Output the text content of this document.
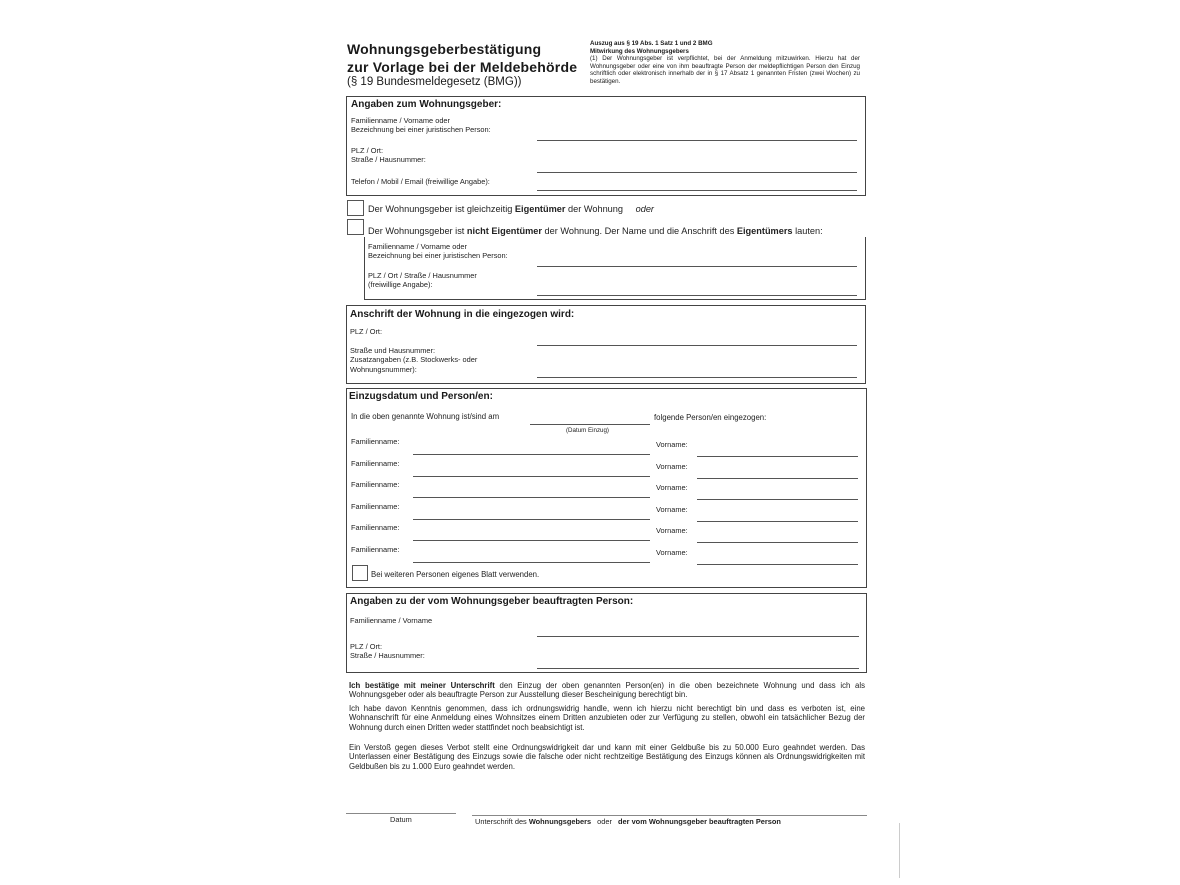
Wohnungsgeberbestätigung
zur Vorlage bei der Meldebehörde
(§ 19 Bundesmeldegesetz (BMG))
Auszug aus § 19 Abs. 1 Satz 1 und 2 BMG
Mitwirkung des Wohnungsgebers
(1) Der Wohnungsgeber ist verpflichtet, bei der Anmeldung mitzuwirken. Hierzu hat der Wohnungsgeber oder eine von ihm beauftragte Person der meldepflichtigen Person den Einzug schriftlich oder elektronisch innerhalb der in § 17 Absatz 1 genannten Fristen (zwei Wochen) zu bestätigen.
Angaben zum Wohnungsgeber:
Familienname / Vorname oder
Bezeichnung bei einer juristischen Person:
PLZ / Ort:
Straße / Hausnummer:
Telefon / Mobil / Email (freiwillige Angabe):
Der Wohnungsgeber ist gleichzeitig Eigentümer der Wohnung oder
Der Wohnungsgeber ist nicht Eigentümer der Wohnung. Der Name und die Anschrift des Eigentümers lauten:
Familienname / Vorname oder
Bezeichnung bei einer juristischen Person:
PLZ / Ort / Straße / Hausnummer
(freiwillige Angabe):
Anschrift der Wohnung in die eingezogen wird:
PLZ / Ort:
Straße und Hausnummer:
Zusatzangaben (z.B. Stockwerks- oder
Wohnungsnummer):
Einzugsdatum und Person/en:
In die oben genannte Wohnung ist/sind am
(Datum Einzug)
folgende Person/en eingezogen:
Familienname:	Vorname:
Familienname:	Vorname:
Familienname:	Vorname:
Familienname:	Vorname:
Familienname:	Vorname:
Familienname:	Vorname:
Bei weiteren Personen eigenes Blatt verwenden.
Angaben zu der vom Wohnungsgeber beauftragten Person:
Familienname / Vorname
PLZ / Ort:
Straße / Hausnummer:
Ich bestätige mit meiner Unterschrift den Einzug der oben genannten Person(en) in die oben bezeichnete Wohnung und dass ich als Wohnungsgeber oder als beauftragte Person zur Ausstellung dieser Bescheinigung berechtigt bin.
Ich habe davon Kenntnis genommen, dass ich ordnungswidrig handle, wenn ich hierzu nicht berechtigt bin und dass es verboten ist, eine Wohnanschrift für eine Anmeldung eines Wohnsitzes einem Dritten anzubieten oder zur Verfügung zu stellen, obwohl ein tatsächlicher Bezug der Wohnung durch einen Dritten weder stattfindet noch beabsichtigt ist.
Ein Verstoß gegen dieses Verbot stellt eine Ordnungswidrigkeit dar und kann mit einer Geldbuße bis zu 50.000 Euro geahndet werden. Das Unterlassen einer Bestätigung des Einzugs sowie die falsche oder nicht rechtzeitige Bestätigung des Einzugs können als Ordnungswidrigkeiten mit Geldbußen bis zu 1.000 Euro geahndet werden.
Datum	Unterschrift des Wohnungsgebers oder der vom Wohnungsgeber beauftragten Person
